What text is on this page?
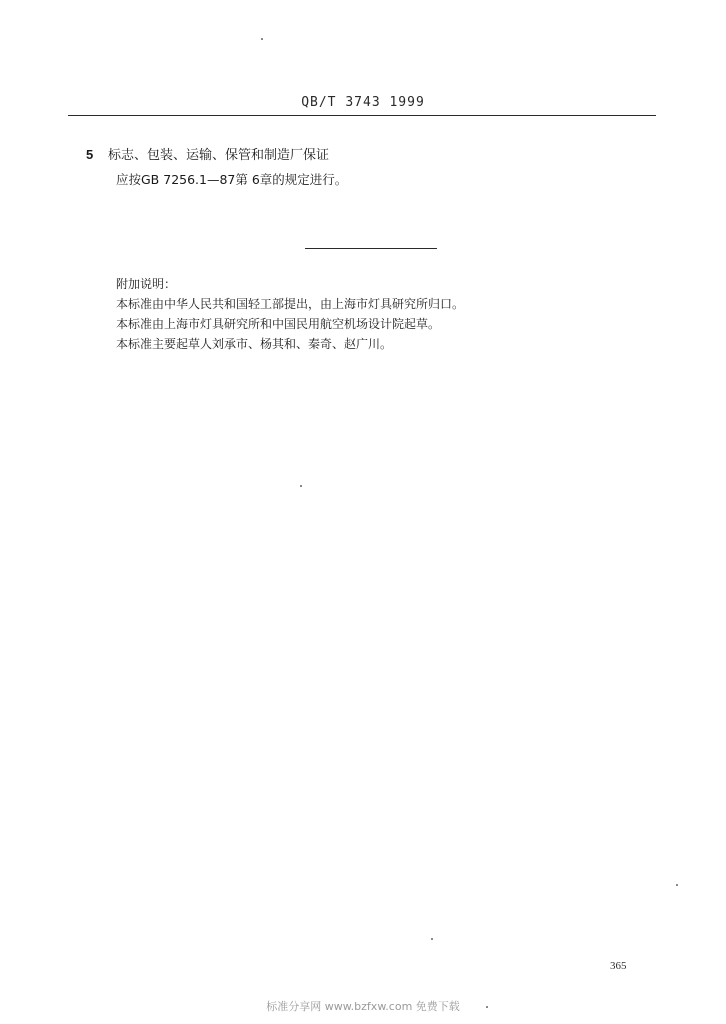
QB/T 3743 1999
5 标志、包装、运输、保管和制造厂保证
应按GB 7256.1—87第 6章的规定进行。
附加说明：
本标准由中华人民共和国轻工部提出，由上海市灯具研究所归口。
本标准由上海市灯具研究所和中国民用航空机场设计院起草。
本标准主要起草人刘承市、杨其和、秦奇、赵广川。
365
标准分享网 www.bzfxw.com 免费下载
